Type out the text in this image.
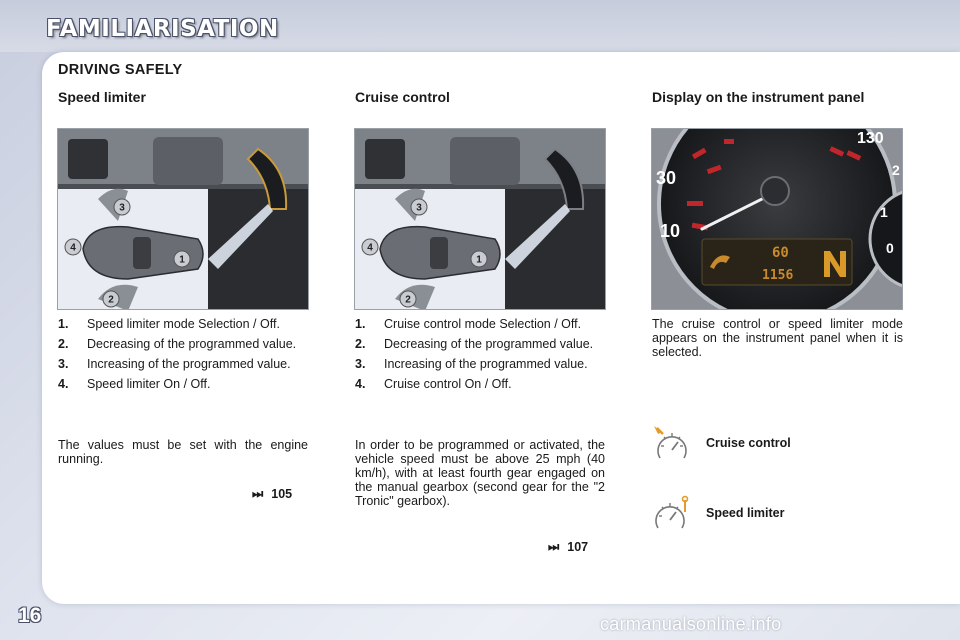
FAMILIARISATION
DRIVING SAFELY
Speed limiter
3
4
1
2
1.	Speed limiter mode Selection / Off.
2.	Decreasing of the programmed value.
3.	Increasing of the programmed value.
4.	Speed limiter On / Off.
The values must be set with the engine running.
⏭ 105
Cruise control
3
4
1
2
1.	Cruise control mode Selection / Off.
2.	Decreasing of the programmed value.
3.	Increasing of the programmed value.
4.	Cruise control On / Off.
In order to be programmed or activated, the vehicle speed must be above 25 mph (40 km/h), with at least fourth gear engaged on the manual gearbox (second gear for the "2 Tronic" gearbox).
⏭ 107
Display on the instrument panel
10
30
130
0
1
2
60
1156
The cruise control or speed limiter mode appears on the instrument panel when it is selected.
Cruise control
Speed limiter
16	carmanualsonline.info
